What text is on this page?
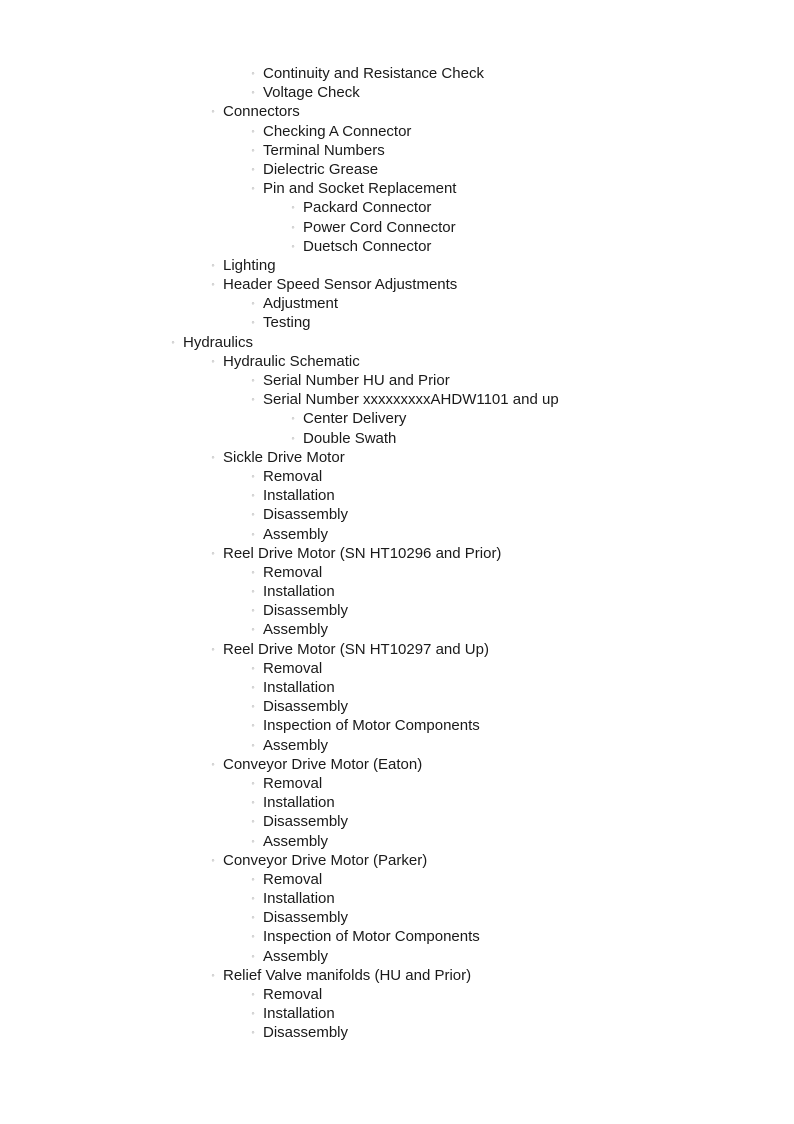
◦ Continuity and Resistance Check
◦ Voltage Check
◦ Connectors
◦ Checking A Connector
◦ Terminal Numbers
◦ Dielectric Grease
◦ Pin and Socket Replacement
◦ Packard Connector
◦ Power Cord Connector
◦ Duetsch Connector
◦ Lighting
◦ Header Speed Sensor Adjustments
◦ Adjustment
◦ Testing
◦ Hydraulics
◦ Hydraulic Schematic
◦ Serial Number HU and Prior
◦ Serial Number xxxxxxxxxAHDW1101 and up
◦ Center Delivery
◦ Double Swath
◦ Sickle Drive Motor
◦ Removal
◦ Installation
◦ Disassembly
◦ Assembly
◦ Reel Drive Motor (SN HT10296 and Prior)
◦ Removal
◦ Installation
◦ Disassembly
◦ Assembly
◦ Reel Drive Motor (SN HT10297 and Up)
◦ Removal
◦ Installation
◦ Disassembly
◦ Inspection of Motor Components
◦ Assembly
◦ Conveyor Drive Motor (Eaton)
◦ Removal
◦ Installation
◦ Disassembly
◦ Assembly
◦ Conveyor Drive Motor (Parker)
◦ Removal
◦ Installation
◦ Disassembly
◦ Inspection of Motor Components
◦ Assembly
◦ Relief Valve manifolds (HU and Prior)
◦ Removal
◦ Installation
◦ Disassembly
